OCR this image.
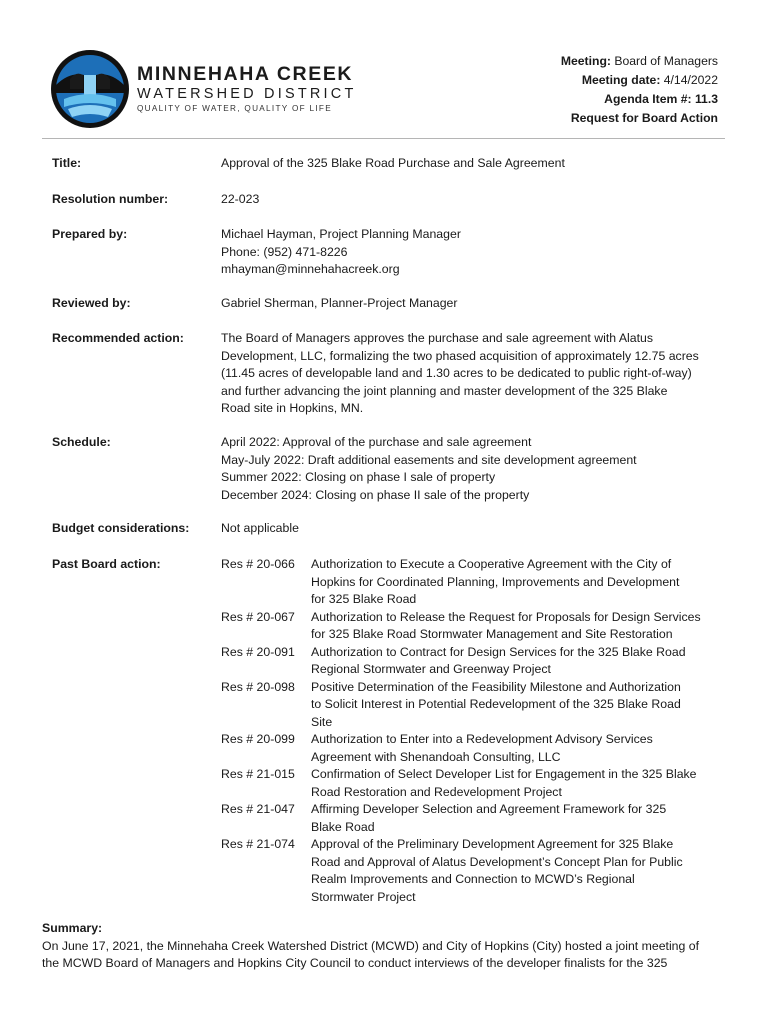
MINNEHAHA CREEK
WATERSHED DISTRICT
QUALITY OF WATER, QUALITY OF LIFE
Meeting: Board of Managers
Meeting date: 4/14/2022
Agenda Item #: 11.3
Request for Board Action
Title:	Approval of the 325 Blake Road Purchase and Sale Agreement
Resolution number:	22-023
Prepared by:	Michael Hayman, Project Planning Manager
Phone: (952) 471-8226
mhayman@minnehahacreek.org
Reviewed by:	Gabriel Sherman, Planner-Project Manager
Recommended action:	The Board of Managers approves the purchase and sale agreement with Alatus
Development, LLC, formalizing the two phased acquisition of approximately 12.75 acres
(11.45 acres of developable land and 1.30 acres to be dedicated to public right-of-way)
and further advancing the joint planning and master development of the 325 Blake
Road site in Hopkins, MN.
Schedule:	April 2022: Approval of the purchase and sale agreement
May-July 2022: Draft additional easements and site development agreement
Summer 2022: Closing on phase I sale of property
December 2024: Closing on phase II sale of the property
Budget considerations:	Not applicable
Past Board action:	Res # 20-066	Authorization to Execute a Cooperative Agreement with the City of
Hopkins for Coordinated Planning, Improvements and Development
for 325 Blake Road
Res # 20-067	Authorization to Release the Request for Proposals for Design Services
for 325 Blake Road Stormwater Management and Site Restoration
Res # 20-091	Authorization to Contract for Design Services for the 325 Blake Road
Regional Stormwater and Greenway Project
Res # 20-098	Positive Determination of the Feasibility Milestone and Authorization
to Solicit Interest in Potential Redevelopment of the 325 Blake Road
Site
Res # 20-099	Authorization to Enter into a Redevelopment Advisory Services
Agreement with Shenandoah Consulting, LLC
Res # 21-015	Confirmation of Select Developer List for Engagement in the 325 Blake
Road Restoration and Redevelopment Project
Res # 21-047	Affirming Developer Selection and Agreement Framework for 325
Blake Road
Res # 21-074	Approval of the Preliminary Development Agreement for 325 Blake
Road and Approval of Alatus Development’s Concept Plan for Public
Realm Improvements and Connection to MCWD’s Regional
Stormwater Project
Summary:
On June 17, 2021, the Minnehaha Creek Watershed District (MCWD) and City of Hopkins (City) hosted a joint meeting of
the MCWD Board of Managers and Hopkins City Council to conduct interviews of the developer finalists for the 325
